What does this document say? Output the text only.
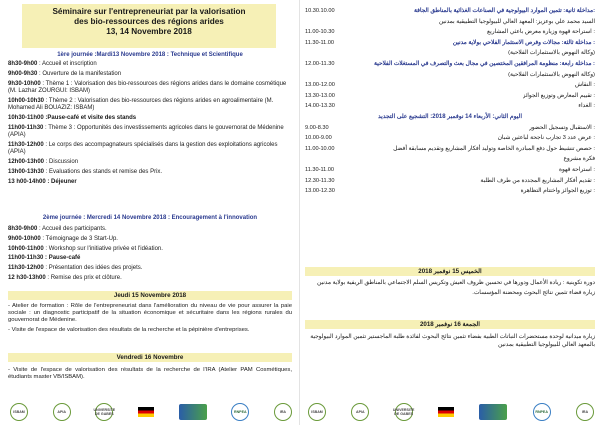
Séminaire sur l'entrepreneuriat par la valorisation
des bio-ressources des régions arides
13, 14 Novembre 2018
1ère journée :Mardi13 Novembre 2018 : Technique et Scientifique
8h30-9h00 : Accueil et inscription
9h00-9h30 : Ouverture de la manifestation
9h30-10h00 : Thème 1 : Valorisation des bio-ressources des régions arides dans le domaine cosmétique (M. Lazhar ZOURGUI: ISBAM)
10h00-10h30 : Thème 2 : Valorisation des bio-ressources des régions arides en agroalimentaire (M. Mohamed Ali BOUAZIZ: ISBAM)
10h30-11h00 :Pause-café et visite des stands
11h00-11h30 : Thème 3 : Opportunités des investissements agricoles dans le gouvernorat de Médenine (APIA)
11h30-12h00 : Le corps des accompagnateurs spécialisés dans la gestion des exploitations agricoles (APIA)
12h00-13h00 : Discussion
13h00-13h30 : Evaluations des stands et remise des Prix.
13 h00-14h00 : Déjeuner
2ème journée : Mercredi 14 Novembre 2018 : Encouragement à l'innovation
8h30-9h00 : Accueil des participants.
9h00-10h00 : Témoignage de 3 Start-Up.
10h00-11h00 : Workshop sur l'initiative privée et l'idéation.
11h00-11h30 : Pause-café
11h30-12h00 : Présentation des idées des projets.
12 h30-13h00 : Remise des prix et clôture.
Jeudi 15 Novembre 2018
- Atelier de formation : Rôle de l'entrepreneuriat dans l'amélioration du niveau de vie pour assurer la paie sociale : un diagnostic participatif de la situation économique et sécuritaire dans les régions rurales du gouvernorat de Médenine.
- Visite de l'espace de valorisation des résultats de la recherche et la pépinière d'entreprises.
Vendredi 16 Novembre
- Visite de l'espace de valorisation des résultats de la recherche de l'IRA (Atelier PAM Cosmétiques, étudiants master VB/ISBAM).
10.30.10.00	:مداخلة ثانية: تثمين الموارد البيولوجية في الصناعات الغذائية بالمناطق الجافة
السيد محمد علي بوعزيز: المعهد العالي للبيولوجيا التطبيقية بمدنين
11.00-10.30	: استراحة قهوة وزيارة معرض باعثي المشاريع
11.30-11.00	: مداخلة ثالثة: مجالات وفرص الاستثمار الفلاحي بولاية مدنين
(وكالة النهوض بالاستثمارات الفلاحية)
12.00-11.30	: مداخلة رابعة: منظومة المرافقين المختصين في مجال بعث والتصرف في المستغلات الفلاحية
(وكالة النهوض بالاستثمارات الفلاحية)
13.00-12.00	: النقاش
13.30-13.00	: تقييم المعارض وتوزيع الجوائز
14.00-13.30	: الغداء
اليوم الثاني: الأربعاء 14 نوفمبر 2018: التشجيع على التجديد
9.00-8.30	: الاستقبال وتسجيل الحضور
10.00-9.00	: عرض عدد 3 تجارب ناجحة لباعثين شبان
11.00-10.00	: حصص تنشيط حول دفع المبادرة الخاصة وتوليد أفكار المشاريع وتقديم مسابقة أفضل
فكرة مشروع
11.30-11.00	: استراحة قهوة
12.30-11.30	: تقديم أفكار المشاريع المجددة من طرف الطلبة
13.00-12.30	: توزيع الجوائز واختتام التظاهرة
الخميس 15 نوفمبر 2018
دورة تكوينية : ريادة الأعمال ودورها في تحسين ظروف العيش وتكريس السلم الاجتماعي بالمناطق الريفية بولاية مدنين
زيارة فضاء تثمين نتائج البحوث ومحضنة المؤسسات.
الجمعة 16 نوفمبر 2018
زيارة ميدانية لوحدة مستحضرات النباتات الطبية بفضاء تثمين نتائج البحوث لفائدة طلبة الماجستير تثمين الموارد البيولوجية بالمعهد العالي للبيولوجيا التطبيقية بمدنين
ISBAM	APIA	UNIVERSITE DE GABES	RNPEA	IRA	ISBAM	APIA	UNIVERSITE DE GABES	RNPEA	IRA
